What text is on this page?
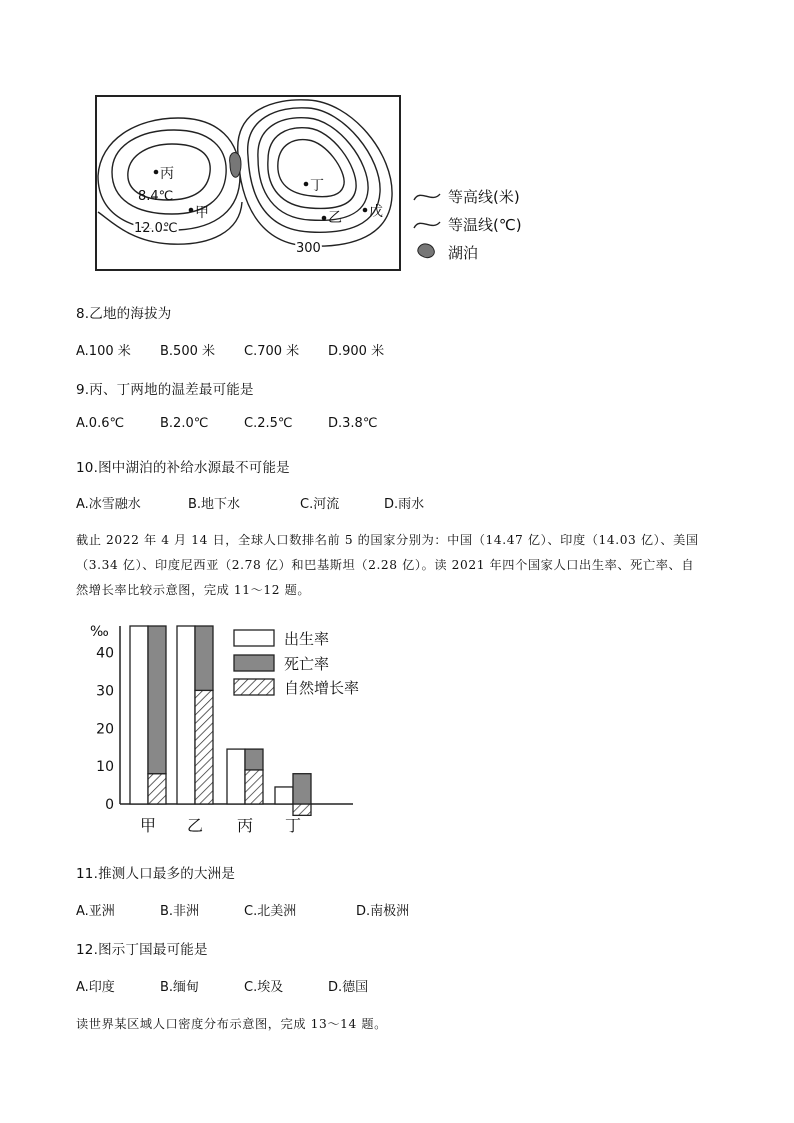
丙
甲
丁
乙 戊
8.4℃
12.0℃
300
等高线(米)
等温线(℃)
湖泊
8.乙地的海拔为
A.100 米	B.500 米	C.700 米	D.900 米
9.丙、丁两地的温差最可能是
A.0.6℃	B.2.0℃	C.2.5℃	D.3.8℃
10.图中湖泊的补给水源最不可能是
A.冰雪融水	B.地下水	C.河流	D.雨水
截止 2022 年 4 月 14 日，全球人口数排名前 5 的国家分别为：中国（14.47 亿）、印度（14.03 亿）、美国
（3.34 亿）、印度尼西亚（2.78 亿）和巴基斯坦（2.28 亿）。读 2021 年四个国家人口出生率、死亡率、自
然增长率比较示意图，完成 11～12 题。
‰
0
10
20
30
40
甲 乙 丙 丁
出生率
死亡率
自然增长率
11.推测人口最多的大洲是
A.亚洲	B.非洲	C.北美洲	D.南极洲
12.图示丁国最可能是
A.印度	B.缅甸	C.埃及	D.德国
读世界某区域人口密度分布示意图，完成 13～14 题。
